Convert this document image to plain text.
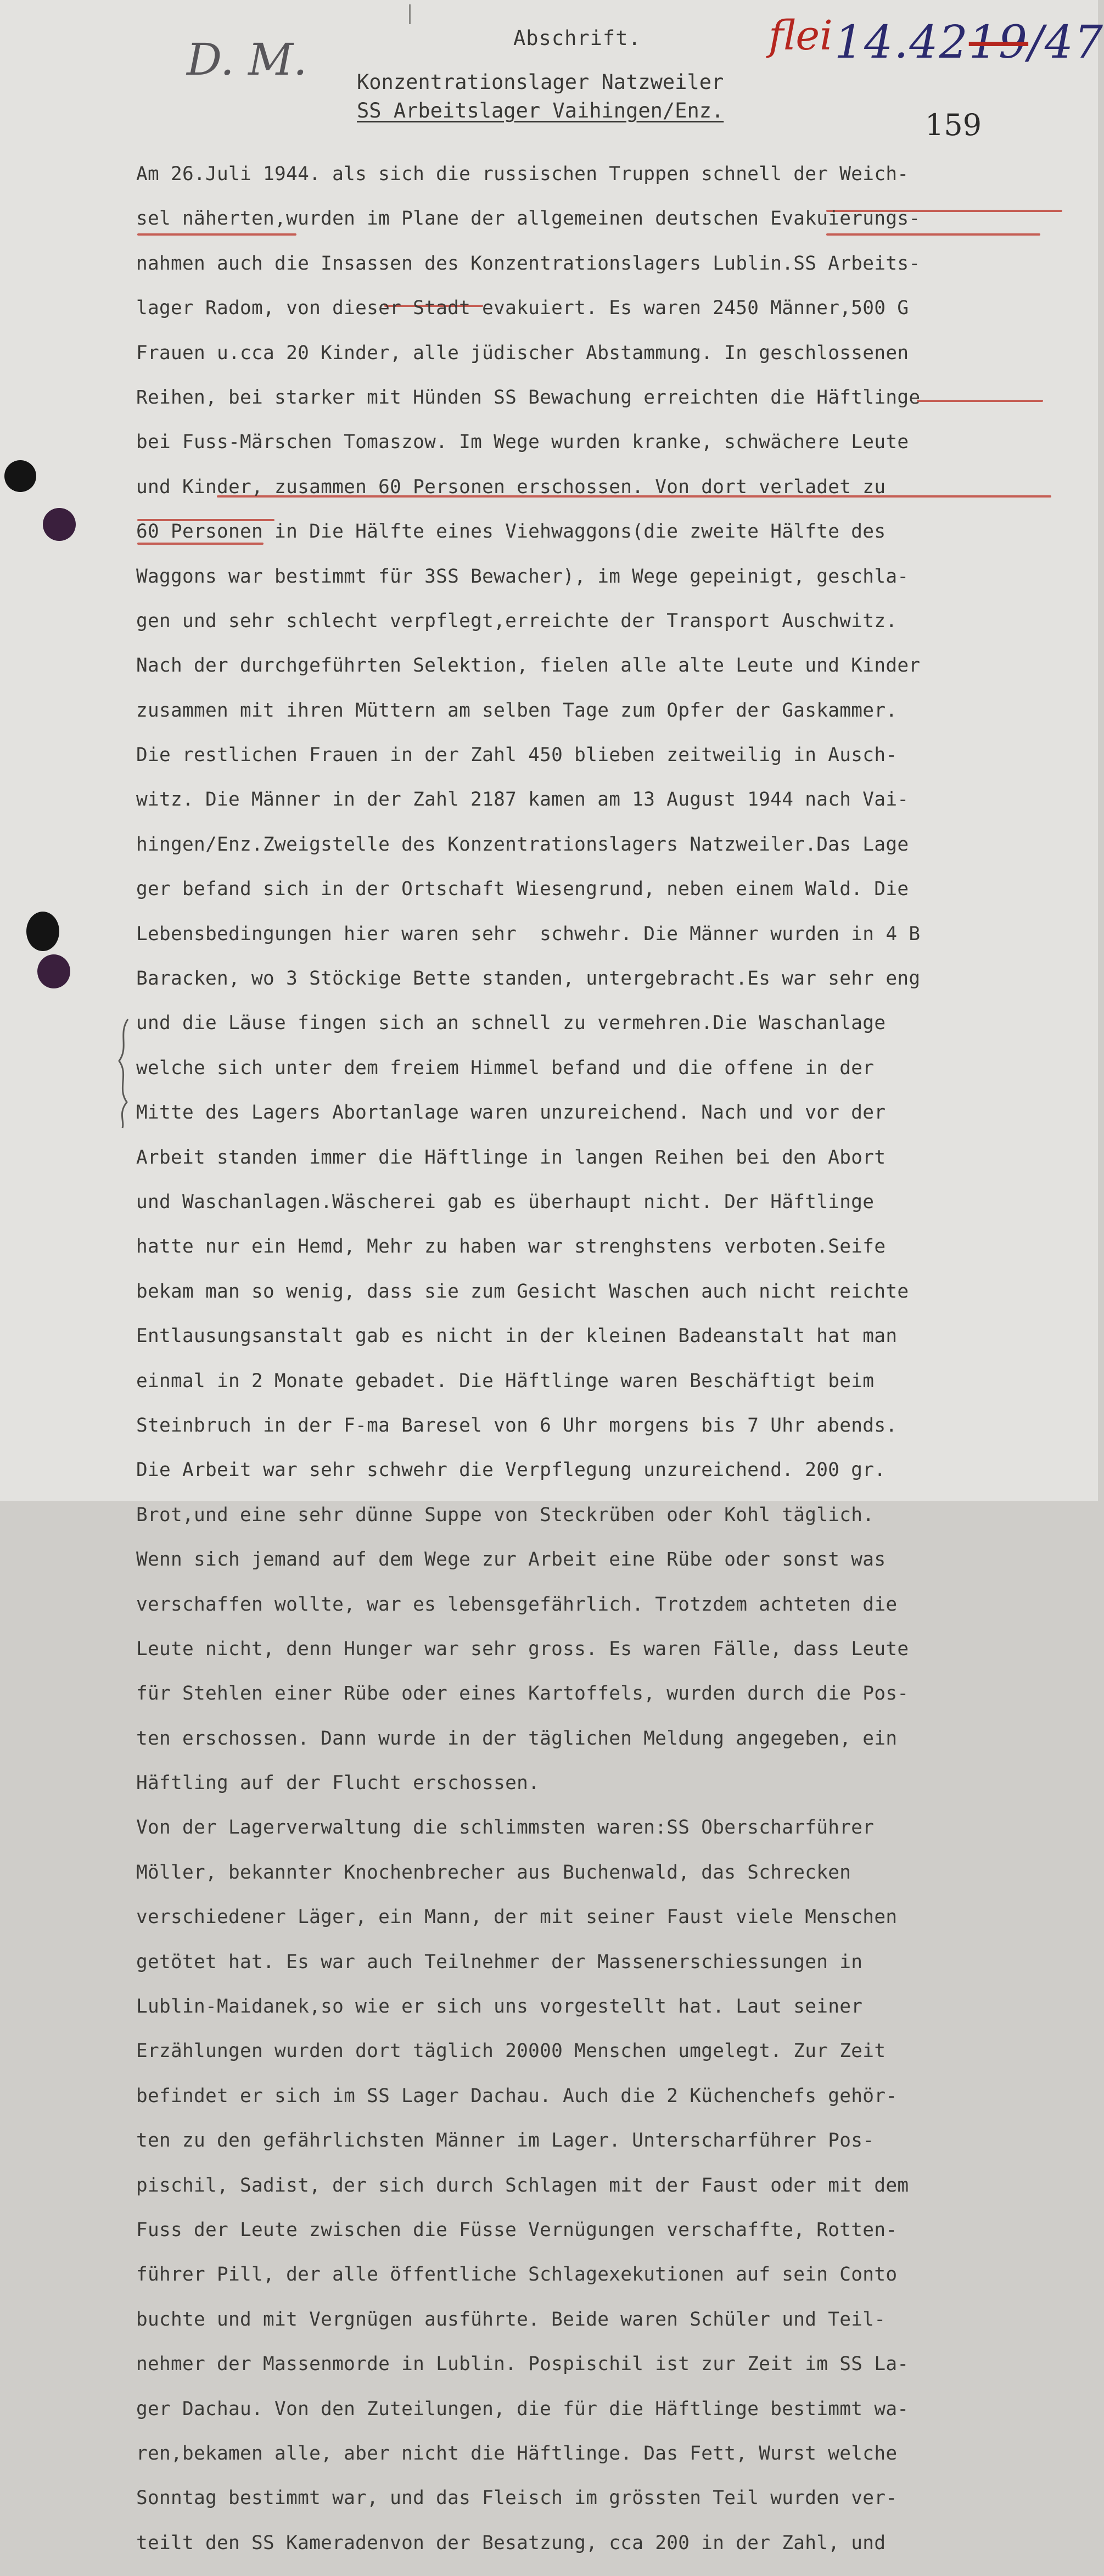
Abschrift.
D. M.	flei 14.4219/47
Konzentrationslager Natzweiler
SS Arbeitslager Vaihingen/Enz.	159

Am 26.Juli 1944. als sich die russischen Truppen schnell der Weich-

sel näherten,wurden im Plane der allgemeinen deutschen Evakuierungs-

nahmen auch die Insassen des Konzentrationslagers Lublin.SS Arbeits-

lager Radom, von dieser Stadt evakuiert. Es waren 2450 Männer,500 G

Frauen u.cca 20 Kinder, alle jüdischer Abstammung. In geschlossenen

Reihen, bei starker mit Hünden SS Bewachung erreichten die Häftlinge

bei Fuss-Märschen Tomaszow. Im Wege wurden kranke, schwächere Leute

und Kinder, zusammen 60 Personen erschossen. Von dort verladet zu

60 Personen in Die Hälfte eines Viehwaggons(die zweite Hälfte des

Waggons war bestimmt für 3SS Bewacher), im Wege gepeinigt, geschla-

gen und sehr schlecht verpflegt,erreichte der Transport Auschwitz.

Nach der durchgeführten Selektion, fielen alle alte Leute und Kinder

zusammen mit ihren Müttern am selben Tage zum Opfer der Gaskammer.

Die restlichen Frauen in der Zahl 450 blieben zeitweilig in Ausch-

witz. Die Männer in der Zahl 2187 kamen am 13 August 1944 nach Vai-

hingen/Enz.Zweigstelle des Konzentrationslagers Natzweiler.Das Lage

ger befand sich in der Ortschaft Wiesengrund, neben einem Wald. Die

Lebensbedingungen hier waren sehr  schwehr. Die Männer wurden in 4 B

Baracken, wo 3 Stöckige Bette standen, untergebracht.Es war sehr eng

und die Läuse fingen sich an schnell zu vermehren.Die Waschanlage

welche sich unter dem freiem Himmel befand und die offene in der

Mitte des Lagers Abortanlage waren unzureichend. Nach und vor der

Arbeit standen immer die Häftlinge in langen Reihen bei den Abort

und Waschanlagen.Wäscherei gab es überhaupt nicht. Der Häftlinge

hatte nur ein Hemd, Mehr zu haben war strenghstens verboten.Seife

bekam man so wenig, dass sie zum Gesicht Waschen auch nicht reichte

Entlausungsanstalt gab es nicht in der kleinen Badeanstalt hat man

einmal in 2 Monate gebadet. Die Häftlinge waren Beschäftigt beim

Steinbruch in der F-ma Baresel von 6 Uhr morgens bis 7 Uhr abends.

Die Arbeit war sehr schwehr die Verpflegung unzureichend. 200 gr.

Brot,und eine sehr dünne Suppe von Steckrüben oder Kohl täglich.

Wenn sich jemand auf dem Wege zur Arbeit eine Rübe oder sonst was

verschaffen wollte, war es lebensgefährlich. Trotzdem achteten die

Leute nicht, denn Hunger war sehr gross. Es waren Fälle, dass Leute

für Stehlen einer Rübe oder eines Kartoffels, wurden durch die Pos-

ten erschossen. Dann wurde in der täglichen Meldung angegeben, ein

Häftling auf der Flucht erschossen.

Von der Lagerverwaltung die schlimmsten waren:SS Oberscharführer

Möller, bekannter Knochenbrecher aus Buchenwald, das Schrecken

verschiedener Läger, ein Mann, der mit seiner Faust viele Menschen

getötet hat. Es war auch Teilnehmer der Massenerschiessungen in

Lublin-Maidanek,so wie er sich uns vorgestellt hat. Laut seiner

Erzählungen wurden dort täglich 20000 Menschen umgelegt. Zur Zeit

befindet er sich im SS Lager Dachau. Auch die 2 Küchenchefs gehör-

ten zu den gefährlichsten Männer im Lager. Unterscharführer Pos-

pischil, Sadist, der sich durch Schlagen mit der Faust oder mit dem

Fuss der Leute zwischen die Füsse Vernügungen verschaffte, Rotten-

führer Pill, der alle öffentliche Schlagexekutionen auf sein Conto

buchte und mit Vergnügen ausführte. Beide waren Schüler und Teil-

nehmer der Massenmorde in Lublin. Pospischil ist zur Zeit im SS La-

ger Dachau. Von den Zuteilungen, die für die Häftlinge bestimmt wa-

ren,bekamen alle, aber nicht die Häftlinge. Das Fett, Wurst welche

Sonntag bestimmt war, und das Fleisch im grössten Teil wurden ver-

teilt den SS Kameradenvon der Besatzung, cca 200 in der Zahl, und
